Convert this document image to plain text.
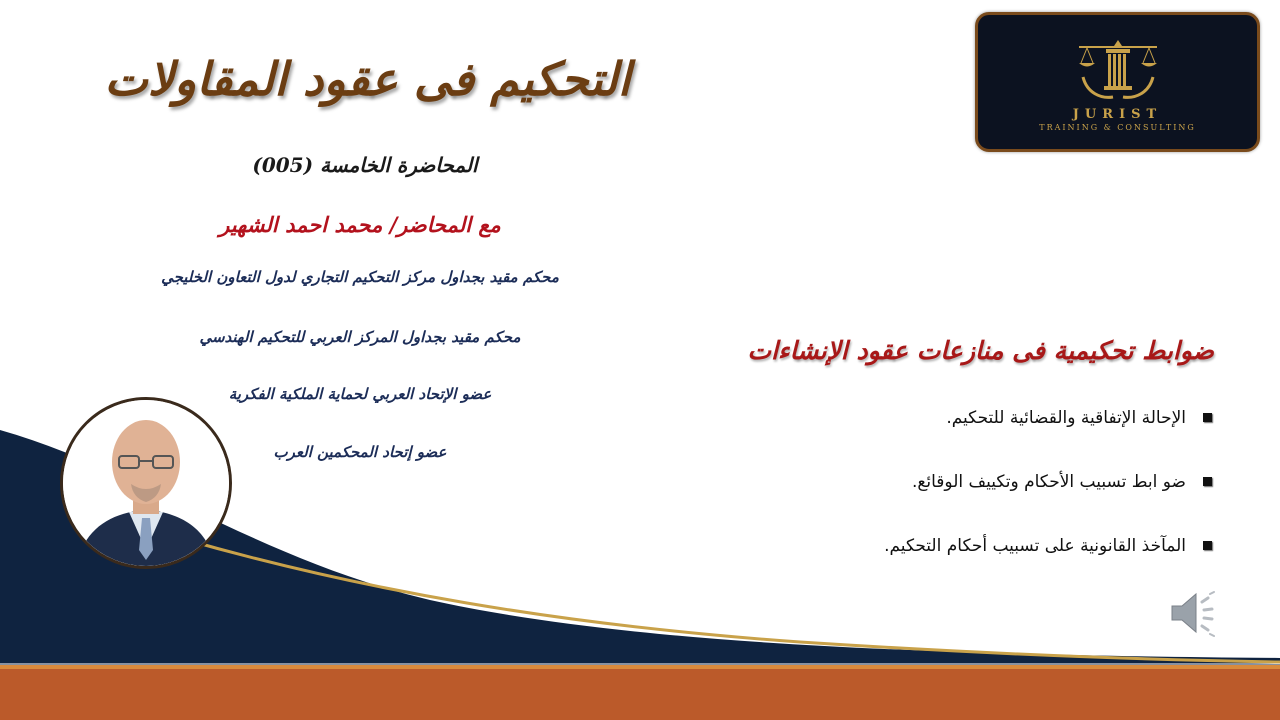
التحكيم فى عقود المقاولات
المحاضرة الخامسة (005)
مع المحاضر/ محمد احمد الشهير
محكم مقيد بجداول مركز التحكيم التجاري لدول التعاون الخليجي
محكم مقيد بجداول المركز العربي للتحكيم الهندسي
عضو الإتحاد العربي لحماية الملكية الفكرية
عضو إتحاد المحكمين العرب
ضوابط تحكيمية فى منازعات عقود الإنشاءات
الإحالة الإتفاقية والقضائية للتحكيم.
ضو ابط تسبيب الأحكام وتكييف الوقائع.
المآخذ القانونية على تسبيب أحكام التحكيم.
JURIST
TRAINING & CONSULTING
